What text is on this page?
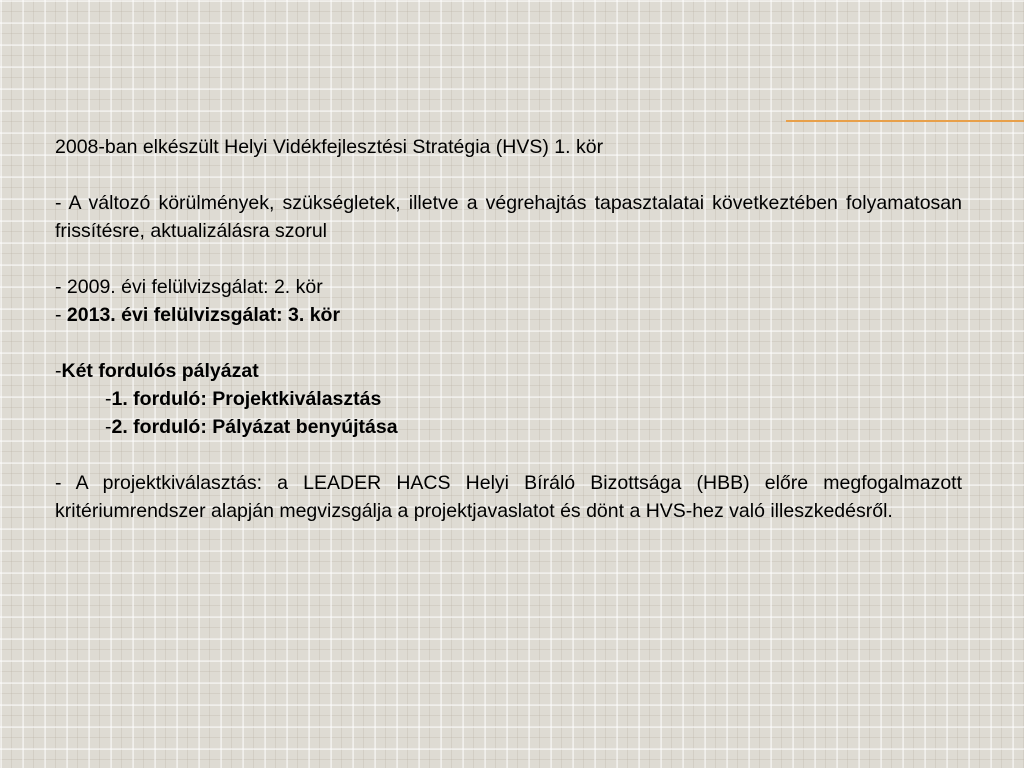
2008-ban elkészült Helyi Vidékfejlesztési Stratégia (HVS) 1. kör

- A változó körülmények, szükségletek, illetve a végrehajtás tapasztalatai következtében folyamatosan frissítésre, aktualizálásra szorul

- 2009. évi felülvizsgálat: 2. kör

- 2013. évi felülvizsgálat: 3. kör

-Két fordulós pályázat

-1. forduló: Projektkiválasztás

-2. forduló: Pályázat benyújtása

- A projektkiválasztás: a LEADER HACS Helyi Bíráló Bizottsága (HBB) előre megfogalmazott kritériumrendszer alapján megvizsgálja a projektjavaslatot és dönt a HVS-hez való illeszkedésről.
